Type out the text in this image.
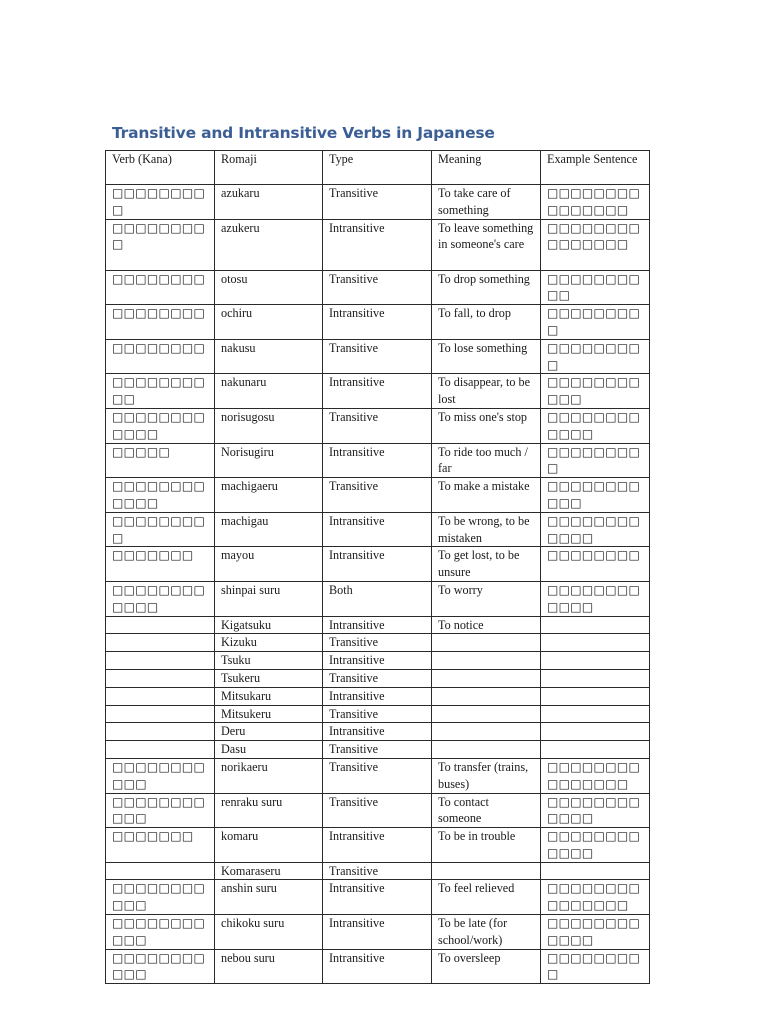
Transitive and Intransitive Verbs in Japanese
Verb (Kana)	Romaji	Type	Meaning	Example Sentence
□□□□□□□□□	azukaru	Transitive	To take care of something	□□□□□□□□□□□□□□□
□□□□□□□□□	azukeru	Intransitive	To leave something in someone's care	□□□□□□□□□□□□□□□
□□□□□□□□	otosu	Transitive	To drop something	□□□□□□□□□□
□□□□□□□□	ochiru	Intransitive	To fall, to drop	□□□□□□□□□
□□□□□□□□	nakusu	Transitive	To lose something	□□□□□□□□□
□□□□□□□□□□	nakunaru	Intransitive	To disappear, to be lost	□□□□□□□□□□□
□□□□□□□□□□□□	norisugosu	Transitive	To miss one's stop	□□□□□□□□□□□□
□□□□□	Norisugiru	Intransitive	To ride too much / far	□□□□□□□□□
□□□□□□□□□□□□	machigaeru	Transitive	To make a mistake	□□□□□□□□□□□
□□□□□□□□□	machigau	Intransitive	To be wrong, to be mistaken	□□□□□□□□□□□□
□□□□□□□	mayou	Intransitive	To get lost, to be unsure	□□□□□□□□
□□□□□□□□□□□□	shinpai suru	Both	To worry	□□□□□□□□□□□□
	Kigatsuku	Intransitive	To notice	
	Kizuku	Transitive		
	Tsuku	Intransitive		
	Tsukeru	Transitive		
	Mitsukaru	Intransitive		
	Mitsukeru	Transitive		
	Deru	Intransitive		
	Dasu	Transitive		
□□□□□□□□□□□	norikaeru	Transitive	To transfer (trains, buses)	□□□□□□□□□□□□□□□
□□□□□□□□□□□	renraku suru	Transitive	To contact someone	□□□□□□□□□□□□
□□□□□□□	komaru	Intransitive	To be in trouble	□□□□□□□□□□□□
	Komaraseru	Transitive		
□□□□□□□□□□□	anshin suru	Intransitive	To feel relieved	□□□□□□□□□□□□□□□
□□□□□□□□□□□	chikoku suru	Intransitive	To be late (for school/work)	□□□□□□□□□□□□
□□□□□□□□□□□	nebou suru	Intransitive	To oversleep	□□□□□□□□□
